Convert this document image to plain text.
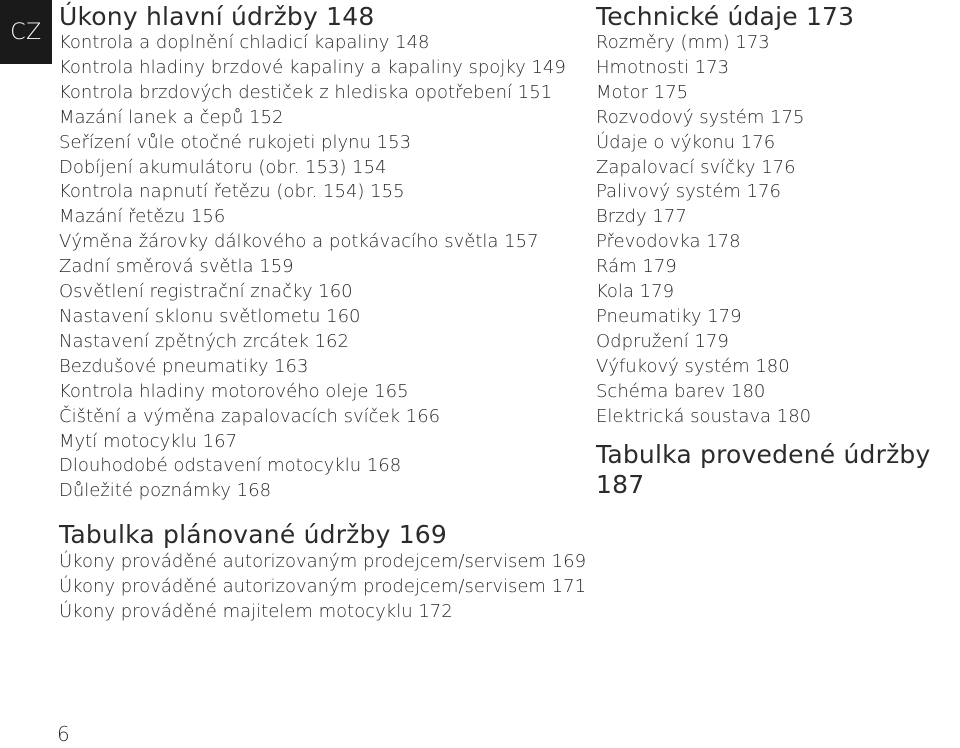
CZ
Úkony hlavní údržby 148
Kontrola a doplnění chladicí kapaliny 148
Kontrola hladiny brzdové kapaliny a kapaliny spojky 149
Kontrola brzdových destiček z hlediska opotřebení 151
Mazání lanek a čepů 152
Seřízení vůle otočné rukojeti plynu 153
Dobíjení akumulátoru (obr. 153) 154
Kontrola napnutí řetězu (obr. 154) 155
Mazání řetězu 156
Výměna žárovky dálkového a potkávacího světla 157
Zadní směrová světla 159
Osvětlení registrační značky 160
Nastavení sklonu světlometu 160
Nastavení zpětných zrcátek 162
Bezdušové pneumatiky 163
Kontrola hladiny motorového oleje 165
Čištění a výměna zapalovacích svíček 166
Mytí motocyklu 167
Dlouhodobé odstavení motocyklu 168
Důležité poznámky 168
Tabulka plánované údržby 169
Úkony prováděné autorizovaným prodejcem/servisem 169
Úkony prováděné autorizovaným prodejcem/servisem 171
Úkony prováděné majitelem motocyklu 172
Technické údaje 173
Rozměry (mm) 173
Hmotnosti 173
Motor 175
Rozvodový systém 175
Údaje o výkonu 176
Zapalovací svíčky 176
Palivový systém 176
Brzdy 177
Převodovka 178
Rám 179
Kola 179
Pneumatiky 179
Odpružení 179
Výfukový systém 180
Schéma barev 180
Elektrická soustava 180
Tabulka provedené údržby 187
6
